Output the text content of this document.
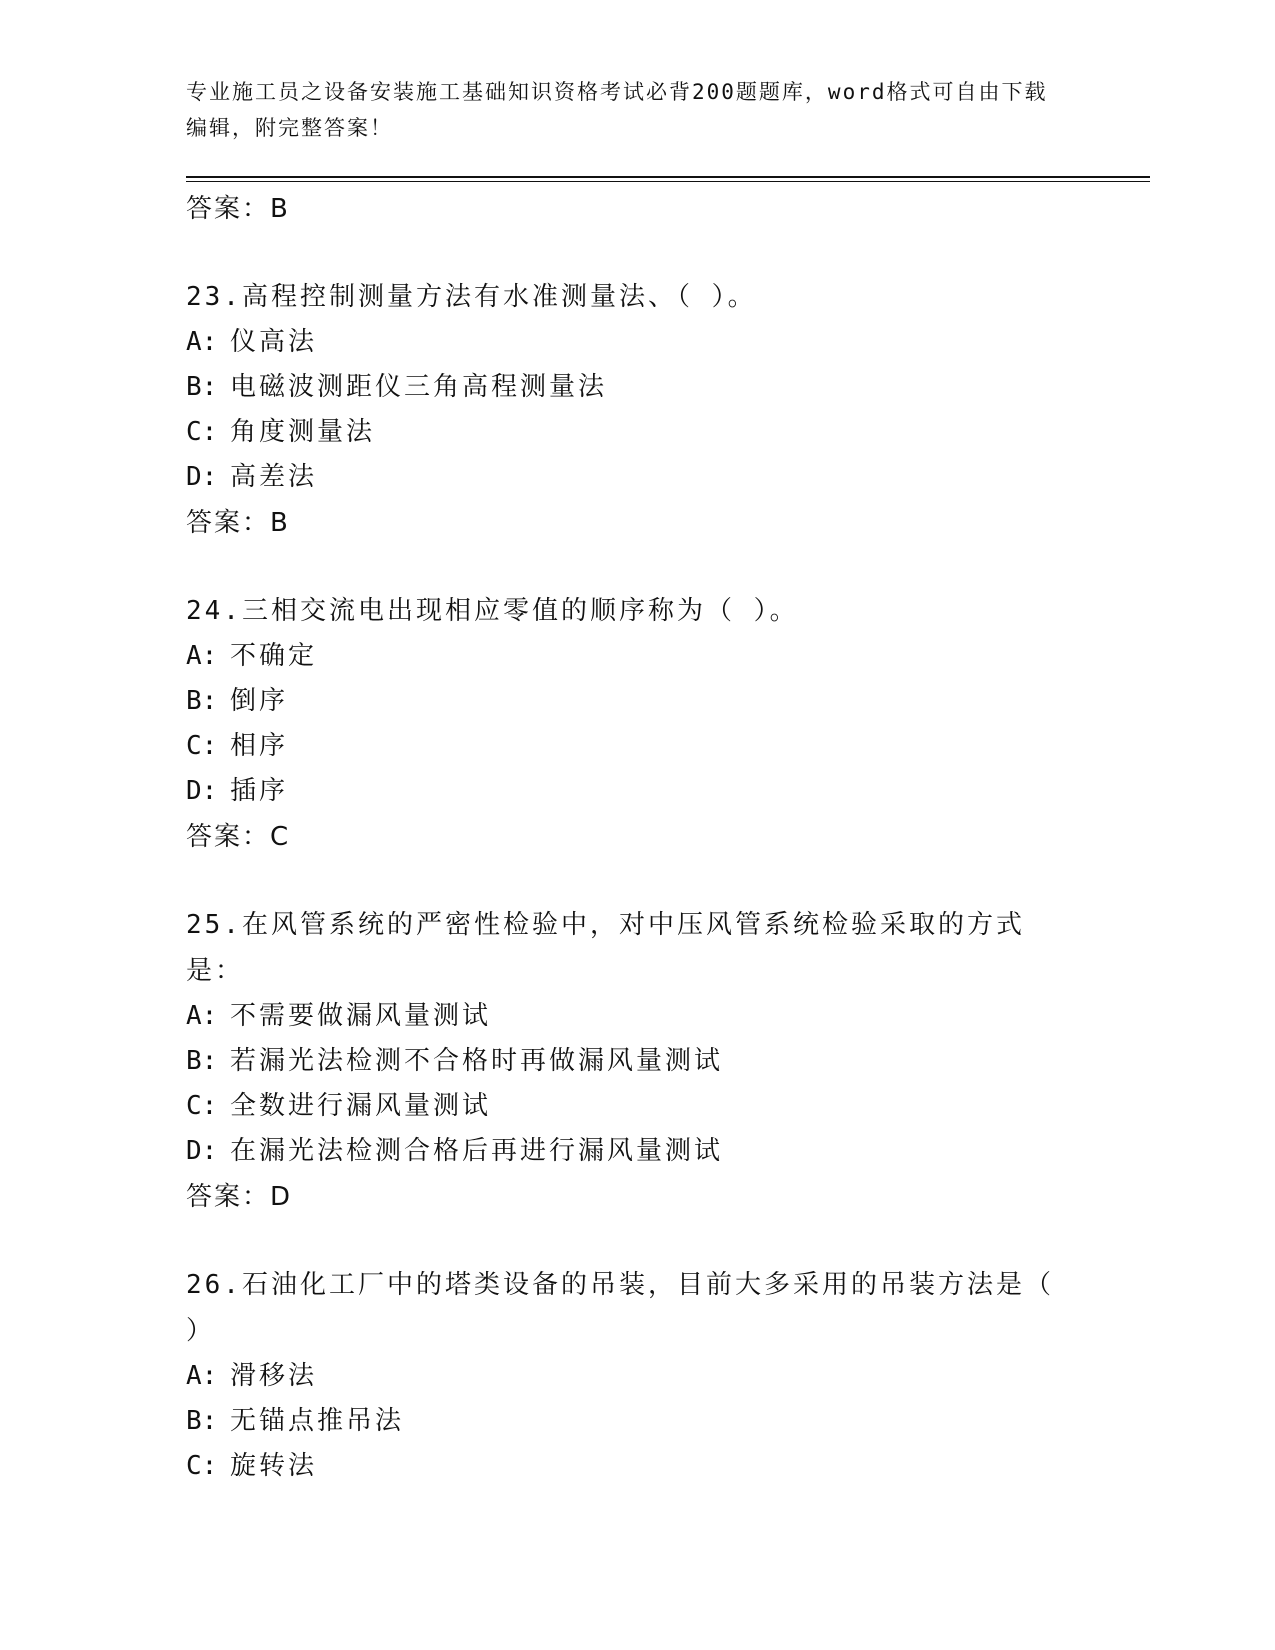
专业施工员之设备安装施工基础知识资格考试必背200题题库，word格式可自由下载编辑，附完整答案！
答案：B
23.高程控制测量方法有水准测量法、（ ）。
A: 仪高法
B: 电磁波测距仪三角高程测量法
C: 角度测量法
D: 高差法
答案：B
24.三相交流电出现相应零值的顺序称为（ ）。
A: 不确定
B: 倒序
C: 相序
D: 插序
答案：C
25.在风管系统的严密性检验中，对中压风管系统检验采取的方式是：
A: 不需要做漏风量测试
B: 若漏光法检测不合格时再做漏风量测试
C: 全数进行漏风量测试
D: 在漏光法检测合格后再进行漏风量测试
答案：D
26.石油化工厂中的塔类设备的吊装，目前大多采用的吊装方法是（ ）
A: 滑移法
B: 无锚点推吊法
C: 旋转法
